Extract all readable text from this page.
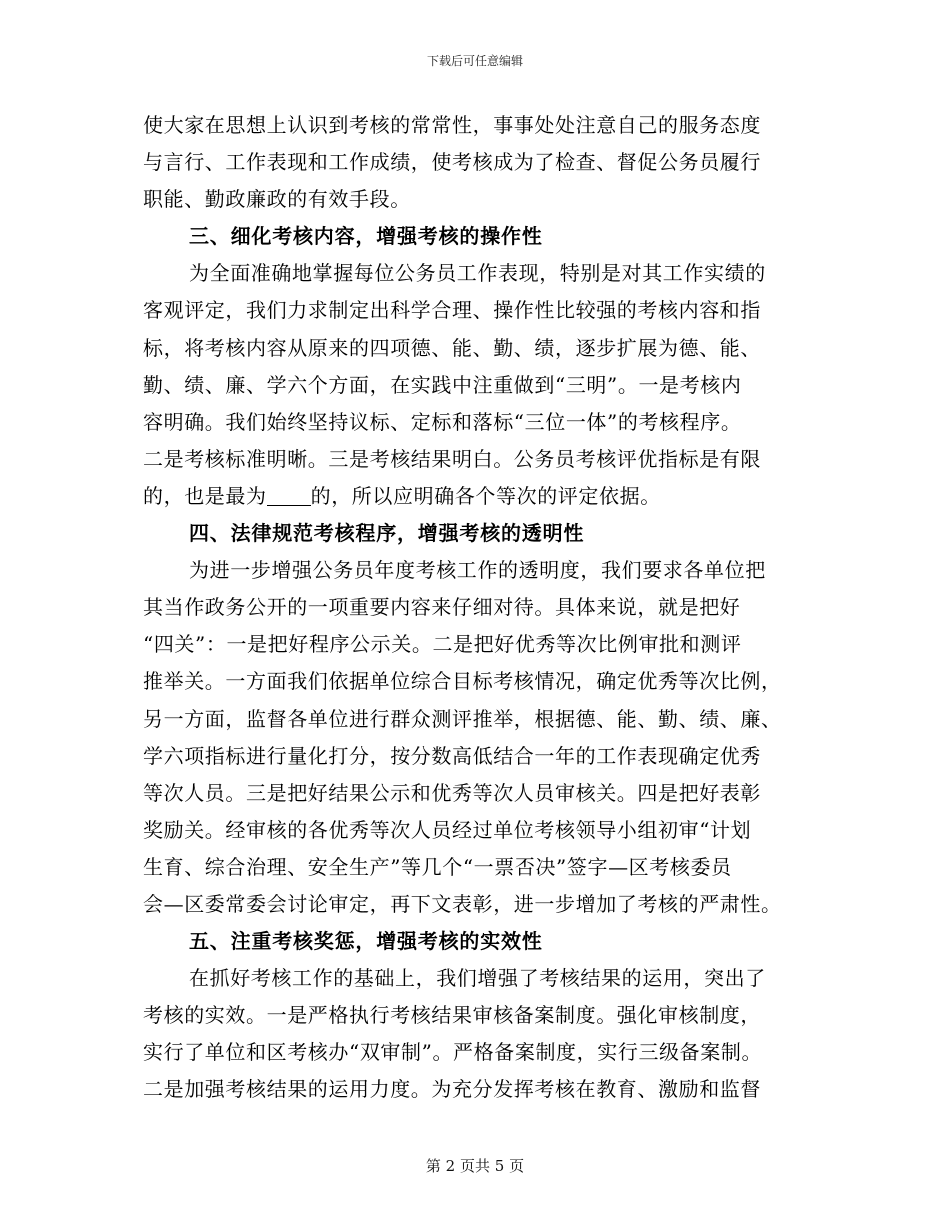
下载后可任意编辑
使大家在思想上认识到考核的常常性，事事处处注意自己的服务态度
与言行、工作表现和工作成绩，使考核成为了检查、督促公务员履行
职能、勤政廉政的有效手段。
三、细化考核内容，增强考核的操作性
为全面准确地掌握每位公务员工作表现，特别是对其工作实绩的
客观评定，我们力求制定出科学合理、操作性比较强的考核内容和指
标，将考核内容从原来的四项德、能、勤、绩，逐步扩展为德、能、
勤、绩、廉、学六个方面，在实践中注重做到“三明”。一是考核内
容明确。我们始终坚持议标、定标和落标“三位一体”的考核程序。
二是考核标准明晰。三是考核结果明白。公务员考核评优指标是有限
的，也是最为 的，所以应明确各个等次的评定依据。
四、法律规范考核程序，增强考核的透明性
为进一步增强公务员年度考核工作的透明度，我们要求各单位把
其当作政务公开的一项重要内容来仔细对待。具体来说，就是把好
“四关”：一是把好程序公示关。二是把好优秀等次比例审批和测评
推举关。一方面我们依据单位综合目标考核情况，确定优秀等次比例，
另一方面，监督各单位进行群众测评推举，根据德、能、勤、绩、廉、
学六项指标进行量化打分，按分数高低结合一年的工作表现确定优秀
等次人员。三是把好结果公示和优秀等次人员审核关。四是把好表彰
奖励关。经审核的各优秀等次人员经过单位考核领导小组初审“计划
生育、综合治理、安全生产”等几个“一票否决”签字—区考核委员
会—区委常委会讨论审定，再下文表彰，进一步增加了考核的严肃性。
五、注重考核奖惩，增强考核的实效性
在抓好考核工作的基础上，我们增强了考核结果的运用，突出了
考核的实效。一是严格执行考核结果审核备案制度。强化审核制度，
实行了单位和区考核办“双审制”。严格备案制度，实行三级备案制。
二是加强考核结果的运用力度。为充分发挥考核在教育、激励和监督
第 2 页共 5 页
